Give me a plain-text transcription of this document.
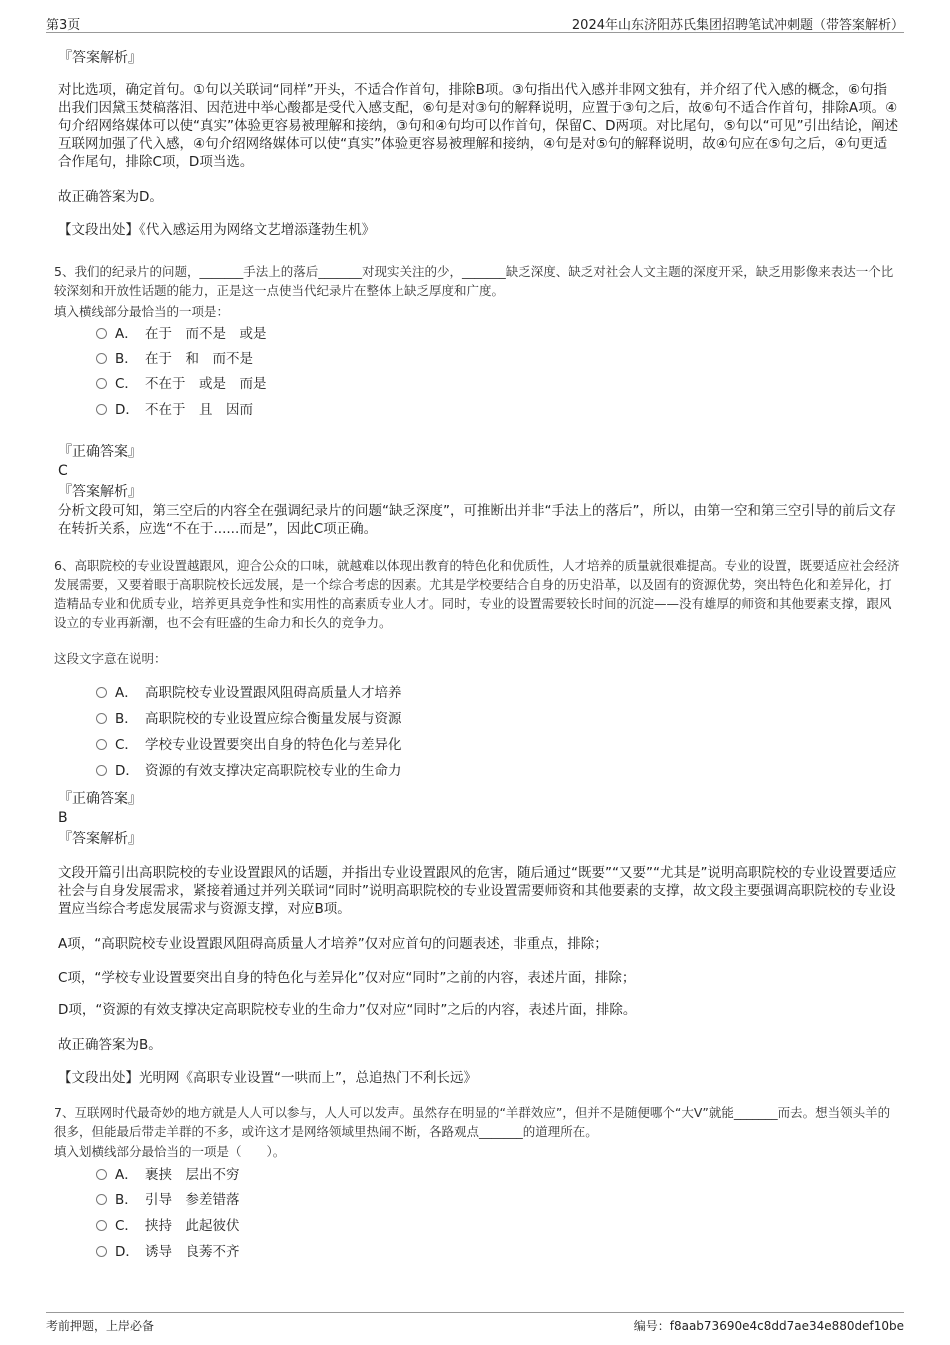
第3页	2024年山东济阳苏氏集团招聘笔试冲刺题（带答案解析）
『答案解析』
对比选项，确定首句。①句以关联词“同样”开头，不适合作首句，排除B项。③句指出代入感并非网文独有，并介绍了代入感的概念，⑥句指出我们因黛玉焚稿落泪、因范进中举心酸都是受代入感支配，⑥句是对③句的解释说明，应置于③句之后，故⑥句不适合作首句，排除A项。④句介绍网络媒体可以使“真实”体验更容易被理解和接纳，③句和④句均可以作首句，保留C、D两项。对比尾句，⑤句以“可见”引出结论，阐述互联网加强了代入感，④句介绍网络媒体可以使“真实”体验更容易被理解和接纳，④句是对⑤句的解释说明，故④句应在⑤句之后，④句更适合作尾句，排除C项，D项当选。
故正确答案为D。
【文段出处】《代入感运用为网络文艺增添蓬勃生机》
5、我们的纪录片的问题，_______手法上的落后_______对现实关注的少，_______缺乏深度、缺乏对社会人文主题的深度开采，缺乏用影像来表达一个比较深刻和开放性话题的能力，正是这一点使当代纪录片在整体上缺乏厚度和广度。
填入横线部分最恰当的一项是：
A． 在于　而不是　或是
B． 在于　和　而不是
C． 不在于　或是　而是
D． 不在于　且　因而
『正确答案』
C
『答案解析』
分析文段可知，第三空后的内容全在强调纪录片的问题“缺乏深度”，可推断出并非“手法上的落后”，所以，由第一空和第三空引导的前后文存在转折关系，应选“不在于......而是”，因此C项正确。
6、高职院校的专业设置越跟风，迎合公众的口味，就越难以体现出教育的特色化和优质性，人才培养的质量就很难提高。专业的设置，既要适应社会经济发展需要，又要着眼于高职院校长远发展，是一个综合考虑的因素。尤其是学校要结合自身的历史沿革，以及固有的资源优势，突出特色化和差异化，打造精品专业和优质专业，培养更具竞争性和实用性的高素质专业人才。同时，专业的设置需要较长时间的沉淀——没有雄厚的师资和其他要素支撑，跟风设立的专业再新潮，也不会有旺盛的生命力和长久的竞争力。
这段文字意在说明：
A． 高职院校专业设置跟风阻碍高质量人才培养
B． 高职院校的专业设置应综合衡量发展与资源
C． 学校专业设置要突出自身的特色化与差异化
D． 资源的有效支撑决定高职院校专业的生命力
『正确答案』
B
『答案解析』
文段开篇引出高职院校的专业设置跟风的话题，并指出专业设置跟风的危害，随后通过“既要”“又要”“尤其是”说明高职院校的专业设置要适应社会与自身发展需求，紧接着通过并列关联词“同时”说明高职院校的专业设置需要师资和其他要素的支撑，故文段主要强调高职院校的专业设置应当综合考虑发展需求与资源支撑，对应B项。
A项，“高职院校专业设置跟风阻碍高质量人才培养”仅对应首句的问题表述，非重点，排除；
C项，“学校专业设置要突出自身的特色化与差异化”仅对应“同时”之前的内容，表述片面，排除；
D项，“资源的有效支撑决定高职院校专业的生命力”仅对应“同时”之后的内容，表述片面，排除。
故正确答案为B。
【文段出处】光明网《高职专业设置“一哄而上”，总追热门不利长远》
7、互联网时代最奇妙的地方就是人人可以参与，人人可以发声。虽然存在明显的“羊群效应”，但并不是随便哪个“大V”就能_______而去。想当领头羊的很多，但能最后带走羊群的不多，或许这才是网络领域里热闹不断，各路观点_______的道理所在。
填入划横线部分最恰当的一项是（　　）。
A． 裹挟　层出不穷
B． 引导　参差错落
C． 挟持　此起彼伏
D． 诱导　良莠不齐
考前押题，上岸必备	编号：f8aab73690e4c8dd7ae34e880def10be
